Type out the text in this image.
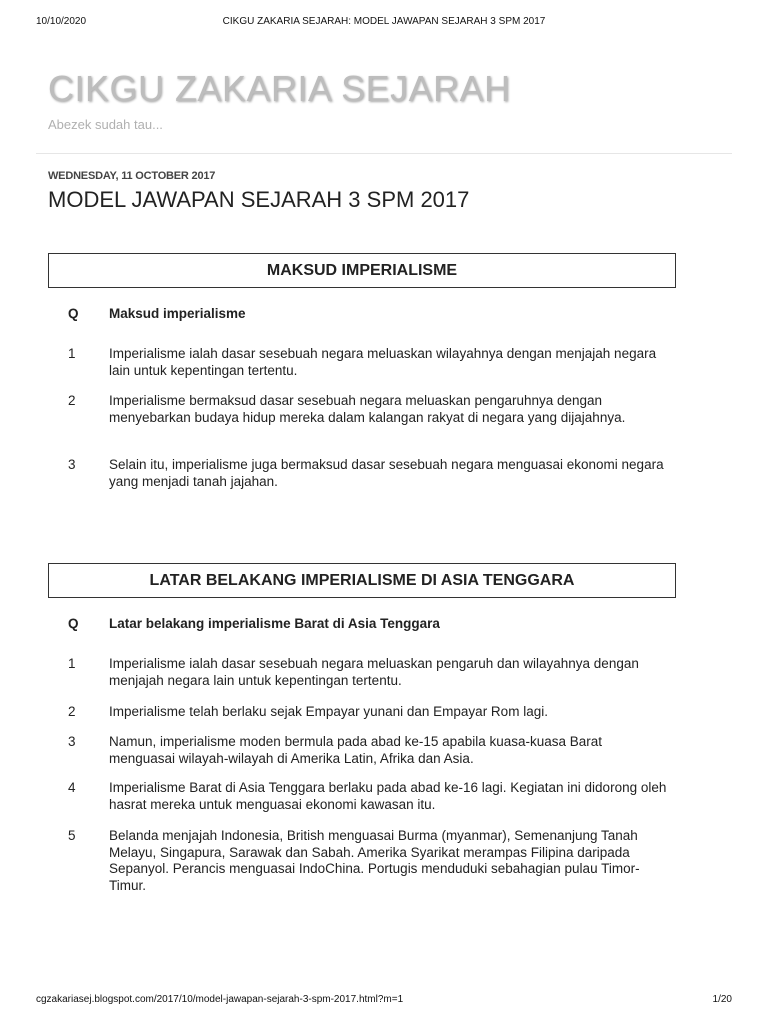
10/10/2020	CIKGU ZAKARIA SEJARAH: MODEL JAWAPAN SEJARAH 3 SPM 2017
CIKGU ZAKARIA SEJARAH
Abezek sudah tau...
WEDNESDAY, 11 OCTOBER 2017
MODEL JAWAPAN SEJARAH 3 SPM 2017
MAKSUD IMPERIALISME
Q	Maksud imperialisme
1	Imperialisme ialah dasar sesebuah negara meluaskan wilayahnya dengan menjajah negara lain untuk kepentingan tertentu.
2	Imperialisme bermaksud dasar sesebuah negara meluaskan pengaruhnya dengan menyebarkan budaya hidup mereka dalam kalangan rakyat di negara yang dijajahnya.
3	Selain itu, imperialisme juga bermaksud dasar sesebuah negara menguasai ekonomi negara yang menjadi tanah jajahan.
LATAR BELAKANG IMPERIALISME DI ASIA TENGGARA
Q	Latar belakang imperialisme Barat di Asia Tenggara
1	Imperialisme ialah dasar sesebuah negara meluaskan pengaruh dan wilayahnya dengan menjajah negara lain untuk kepentingan tertentu.
2	Imperialisme telah berlaku sejak Empayar yunani dan Empayar Rom lagi.
3	Namun, imperialisme moden bermula pada abad ke-15 apabila kuasa-kuasa Barat menguasai wilayah-wilayah di Amerika Latin, Afrika dan Asia.
4	Imperialisme Barat di Asia Tenggara berlaku pada abad ke-16 lagi. Kegiatan ini didorong oleh hasrat mereka untuk menguasai ekonomi kawasan itu.
5	Belanda menjajah Indonesia, British menguasai Burma (myanmar), Semenanjung Tanah Melayu, Singapura, Sarawak dan Sabah. Amerika Syarikat merampas Filipina daripada Sepanyol. Perancis menguasai IndoChina. Portugis menduduki sebahagian pulau Timor-Timur.
cgzakariasej.blogspot.com/2017/10/model-jawapan-sejarah-3-spm-2017.html?m=1	1/20
